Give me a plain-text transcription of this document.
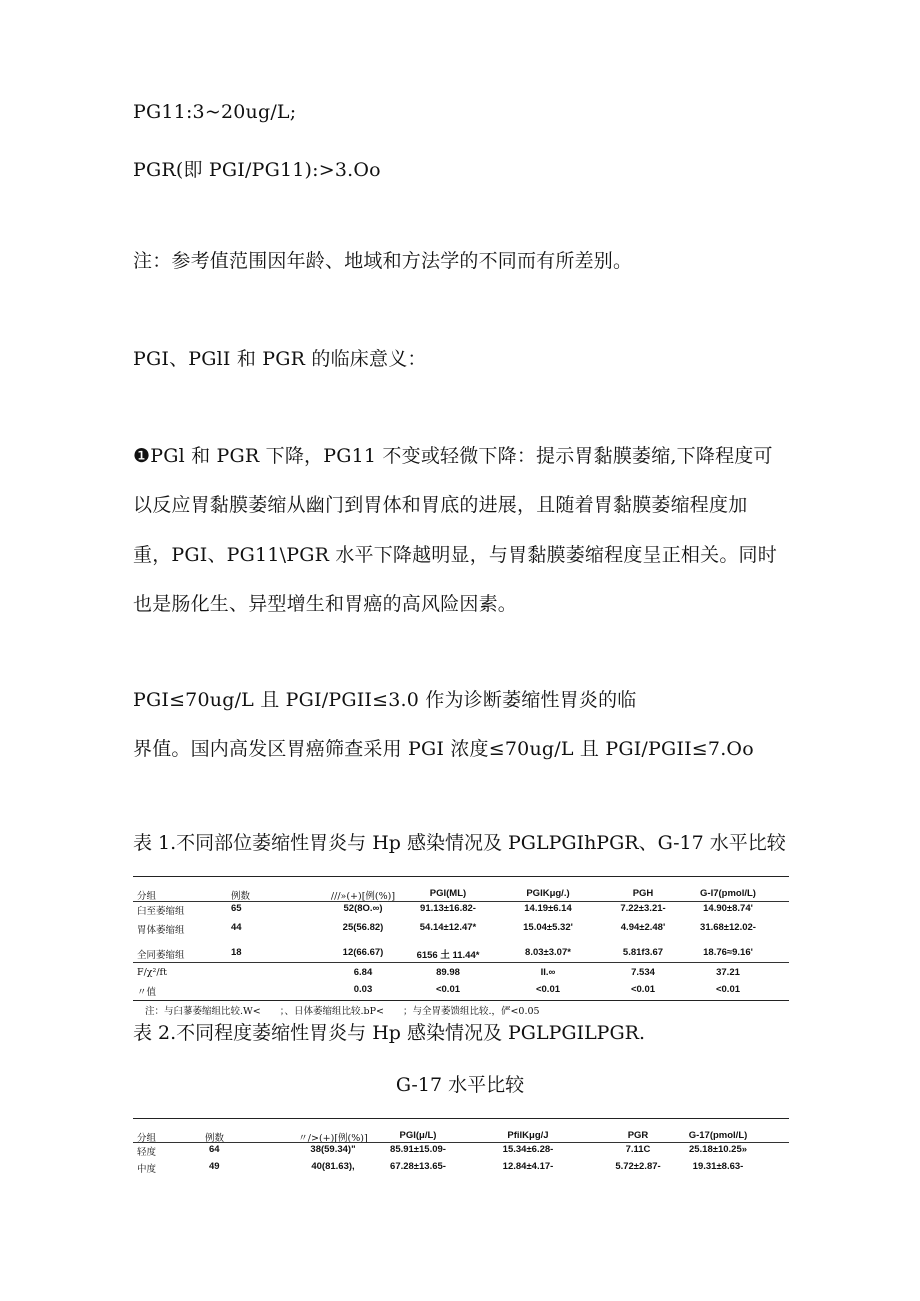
PG11:3~20ug/L;
PGR(即 PGI/PG11):>3.Oo
注：参考值范围因年龄、地域和方法学的不同而有所差别。
PGI、PGlI 和 PGR 的临床意义：
❶PGl 和 PGR 下降，PG11 不变或轻微下降：提示胃黏膜萎缩,下降程度可
以反应胃黏膜萎缩从幽门到胃体和胃底的进展，且随着胃黏膜萎缩程度加
重，PGI、PG11\PGR 水平下降越明显，与胃黏膜萎缩程度呈正相关。同时
也是肠化生、异型增生和胃癌的高风险因素。
PGI≤70ug/L 且 PGI/PGII≤3.0 作为诊断萎缩性胃炎的临
界值。国内高发区胃癌筛查采用 PGI 浓度≤70ug/L 且 PGI/PGII≤7.Oo
表 1.不同部位萎缩性胃炎与 Hp 感染情况及 PGLPGIhPGR、G-17 水平比较
分组	例数	///»(+)[例(%)]	PGI(ML)	PGIKμg/.)	PGH	G-I7(pmol/L)
臼至萎缩组	65	52(8O.∞)	91.13±16.82-	14.19±6.14	7.22±3.21-	14.90±8.74'
胃体萎缩组	44	25(56.82)	54.14±12.47*	15.04±5.32'	4.94±2.48'	31.68±12.02-
全同萎缩组	18	12(66.67)	6156 土 11.44*	8.03±3.07*	5.81f3.67	18.76≈9.16'
F/χ²/ft	6.84	89.98	II.∞	7.534	37.21
〃值	0.03	<0.01	<0.01	<0.01	<0.01
注：与臼蓼萎缩组比较.W<　　；、日体萎缩组比较.bP<　　；与全胃萎馈组比较.，俨<0.05
表 2.不同程度萎缩性胃炎与 Hp 感染情况及 PGLPGILPGR.
G-17 水平比较
分组	例数	〃/>(+)[例(%)]	PGI(μ/L)	PfilKμg/J	PGR	G-17(pmol/L)
轻度	64	38(59.34)"	85.91±15.09-	15.34±6.28-	7.11C	25.18±10.25»
中度	49	40(81.63),	67.28±13.65-	12.84±4.17-	5.72±2.87-	19.31±8.63-
